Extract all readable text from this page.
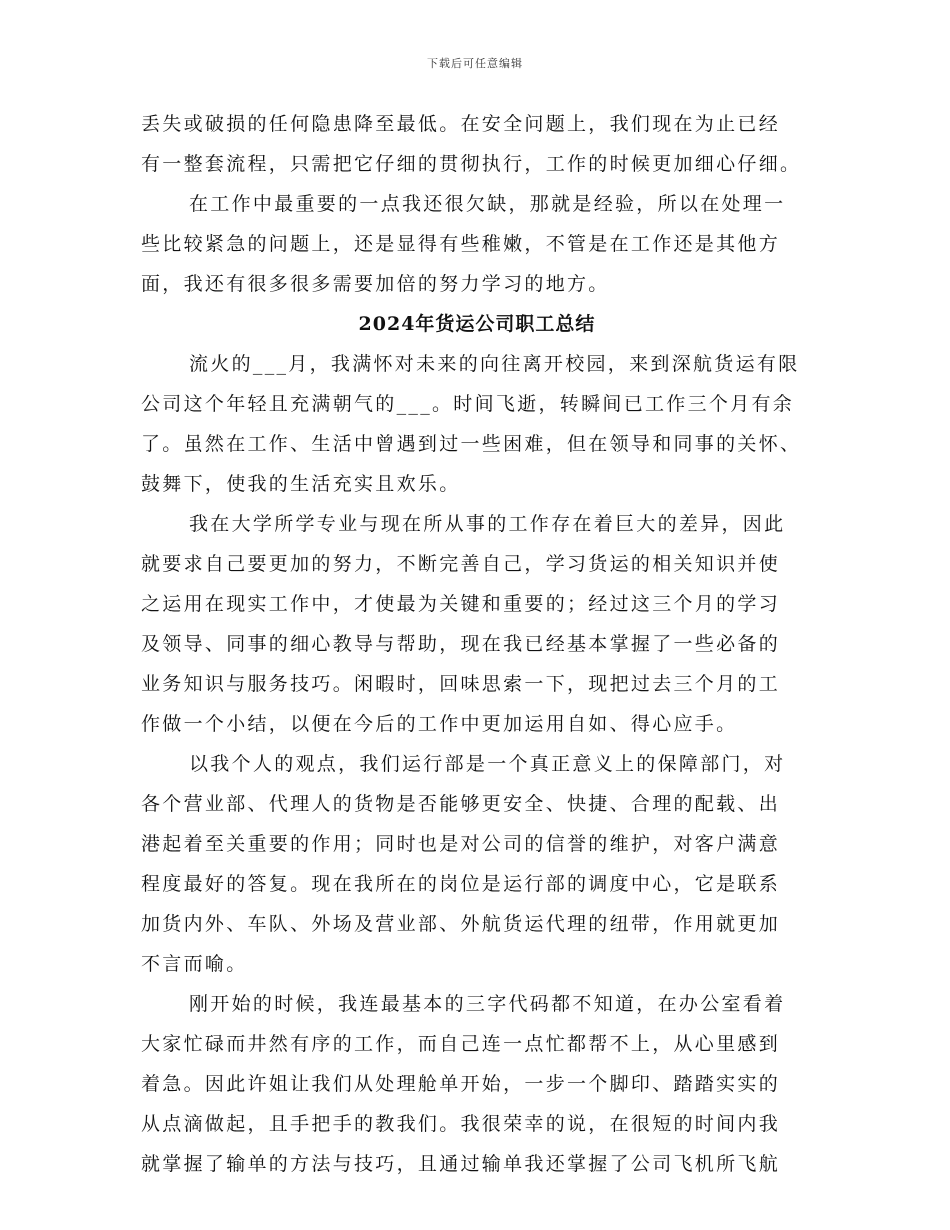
下载后可任意编辑
丢失或破损的任何隐患降至最低。在安全问题上，我们现在为止已经
有一整套流程，只需把它仔细的贯彻执行，工作的时候更加细心仔细。
在工作中最重要的一点我还很欠缺，那就是经验，所以在处理一
些比较紧急的问题上，还是显得有些稚嫩，不管是在工作还是其他方
面，我还有很多很多需要加倍的努力学习的地方。
2024年货运公司职工总结
流火的___月，我满怀对未来的向往离开校园，来到深航货运有限
公司这个年轻且充满朝气的___。时间飞逝，转瞬间已工作三个月有余
了。虽然在工作、生活中曾遇到过一些困难，但在领导和同事的关怀、
鼓舞下，使我的生活充实且欢乐。
我在大学所学专业与现在所从事的工作存在着巨大的差异，因此
就要求自己要更加的努力，不断完善自己，学习货运的相关知识并使
之运用在现实工作中，才使最为关键和重要的；经过这三个月的学习
及领导、同事的细心教导与帮助，现在我已经基本掌握了一些必备的
业务知识与服务技巧。闲暇时，回味思索一下，现把过去三个月的工
作做一个小结，以便在今后的工作中更加运用自如、得心应手。
以我个人的观点，我们运行部是一个真正意义上的保障部门，对
各个营业部、代理人的货物是否能够更安全、快捷、合理的配载、出
港起着至关重要的作用；同时也是对公司的信誉的维护，对客户满意
程度最好的答复。现在我所在的岗位是运行部的调度中心，它是联系
加货内外、车队、外场及营业部、外航货运代理的纽带，作用就更加
不言而喻。
刚开始的时候，我连最基本的三字代码都不知道，在办公室看着
大家忙碌而井然有序的工作，而自己连一点忙都帮不上，从心里感到
着急。因此许姐让我们从处理舱单开始，一步一个脚印、踏踏实实的
从点滴做起，且手把手的教我们。我很荣幸的说，在很短的时间内我
就掌握了输单的方法与技巧，且通过输单我还掌握了公司飞机所飞航
